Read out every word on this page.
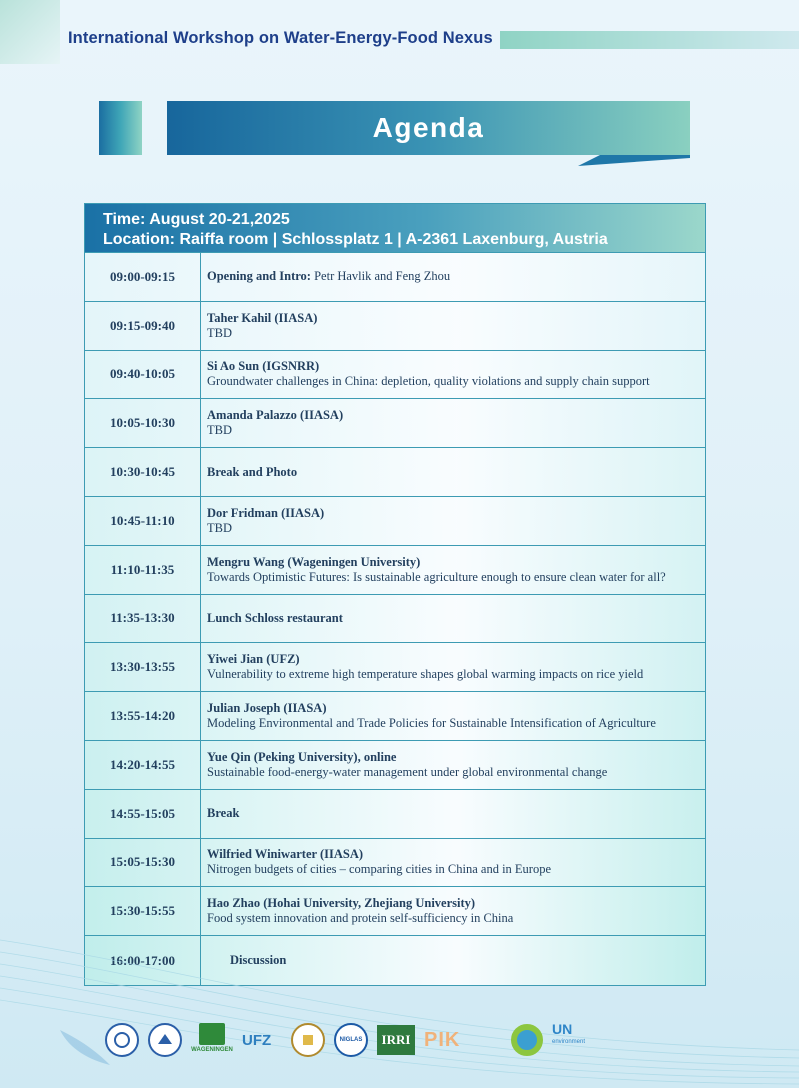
International Workshop on Water-Energy-Food Nexus
Agenda
Time: August 20-21,2025
Location: Raiffa room | Schlossplatz 1 | A-2361 Laxenburg, Austria
09:00-09:15	Opening and Intro: Petr Havlik and Feng Zhou
09:15-09:40	Taher Kahil (IIASA)
TBD
09:40-10:05	Si Ao Sun (IGSNRR)
Groundwater challenges in China: depletion, quality violations and supply chain support
10:05-10:30	Amanda Palazzo (IIASA)
TBD
10:30-10:45	Break and Photo
10:45-11:10	Dor Fridman (IIASA)
TBD
11:10-11:35	Mengru Wang (Wageningen University)
Towards Optimistic Futures: Is sustainable agriculture enough to ensure clean water for all?
11:35-13:30	Lunch Schloss restaurant
13:30-13:55	Yiwei Jian (UFZ)
Vulnerability to extreme high temperature shapes global warming impacts on rice yield
13:55-14:20	Julian Joseph (IIASA)
Modeling Environmental and Trade Policies for Sustainable Intensification of Agriculture
14:20-14:55	Yue Qin (Peking University), online
Sustainable food-energy-water management under global environmental change
14:55-15:05	Break
15:05-15:30	Wilfried Winiwarter (IIASA)
Nitrogen budgets of cities – comparing cities in China and in Europe
15:30-15:55	Hao Zhao (Hohai University, Zhejiang University)
Food system innovation and protein self-sufficiency in China
16:00-17:00	Discussion
WAGENINGEN
UFZ	NIGLAS	IRRI PIK	UN
environment
